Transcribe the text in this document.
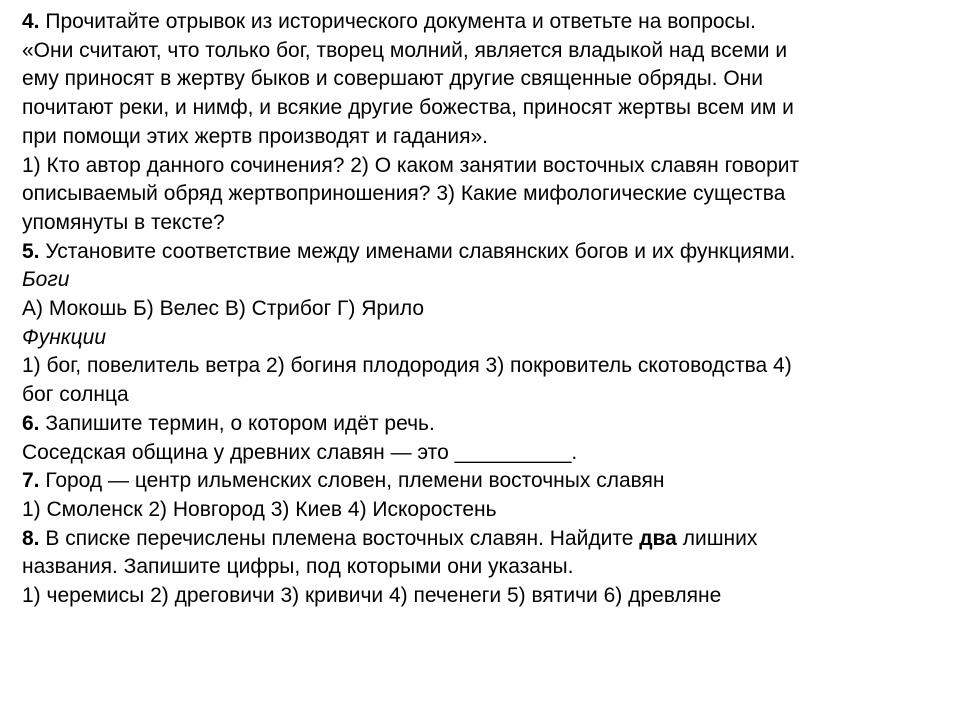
4. Прочитайте отрывок из исторического документа и ответьте на вопросы.
«Они считают, что только бог, творец молний, является владыкой над всеми и
ему приносят в жертву быков и совершают другие священные обряды. Они
почитают реки, и нимф, и всякие другие божества, приносят жертвы всем им и
при помощи этих жертв производят и гадания».
1) Кто автор данного сочинения? 2) О каком занятии восточных славян говорит
описываемый обряд жертвоприношения? 3) Какие мифологические существа
упомянуты в тексте?
5. Установите соответствие между именами славянских богов и их функциями.
Боги
А) Мокошь Б) Велес В) Стрибог Г) Ярило
Функции
1) бог, повелитель ветра 2) богиня плодородия 3) покровитель скотоводства 4)
бог солнца
6. Запишите термин, о котором идёт речь.
Соседская община у древних славян — это __________.
7. Город — центр ильменских словен, племени восточных славян
1) Смоленск 2) Новгород 3) Киев 4) Искоростень
8. В списке перечислены племена восточных славян. Найдите два лишних
названия. Запишите цифры, под которыми они указаны.
1) черемисы 2) дреговичи 3) кривичи 4) печенеги 5) вятичи 6) древляне
